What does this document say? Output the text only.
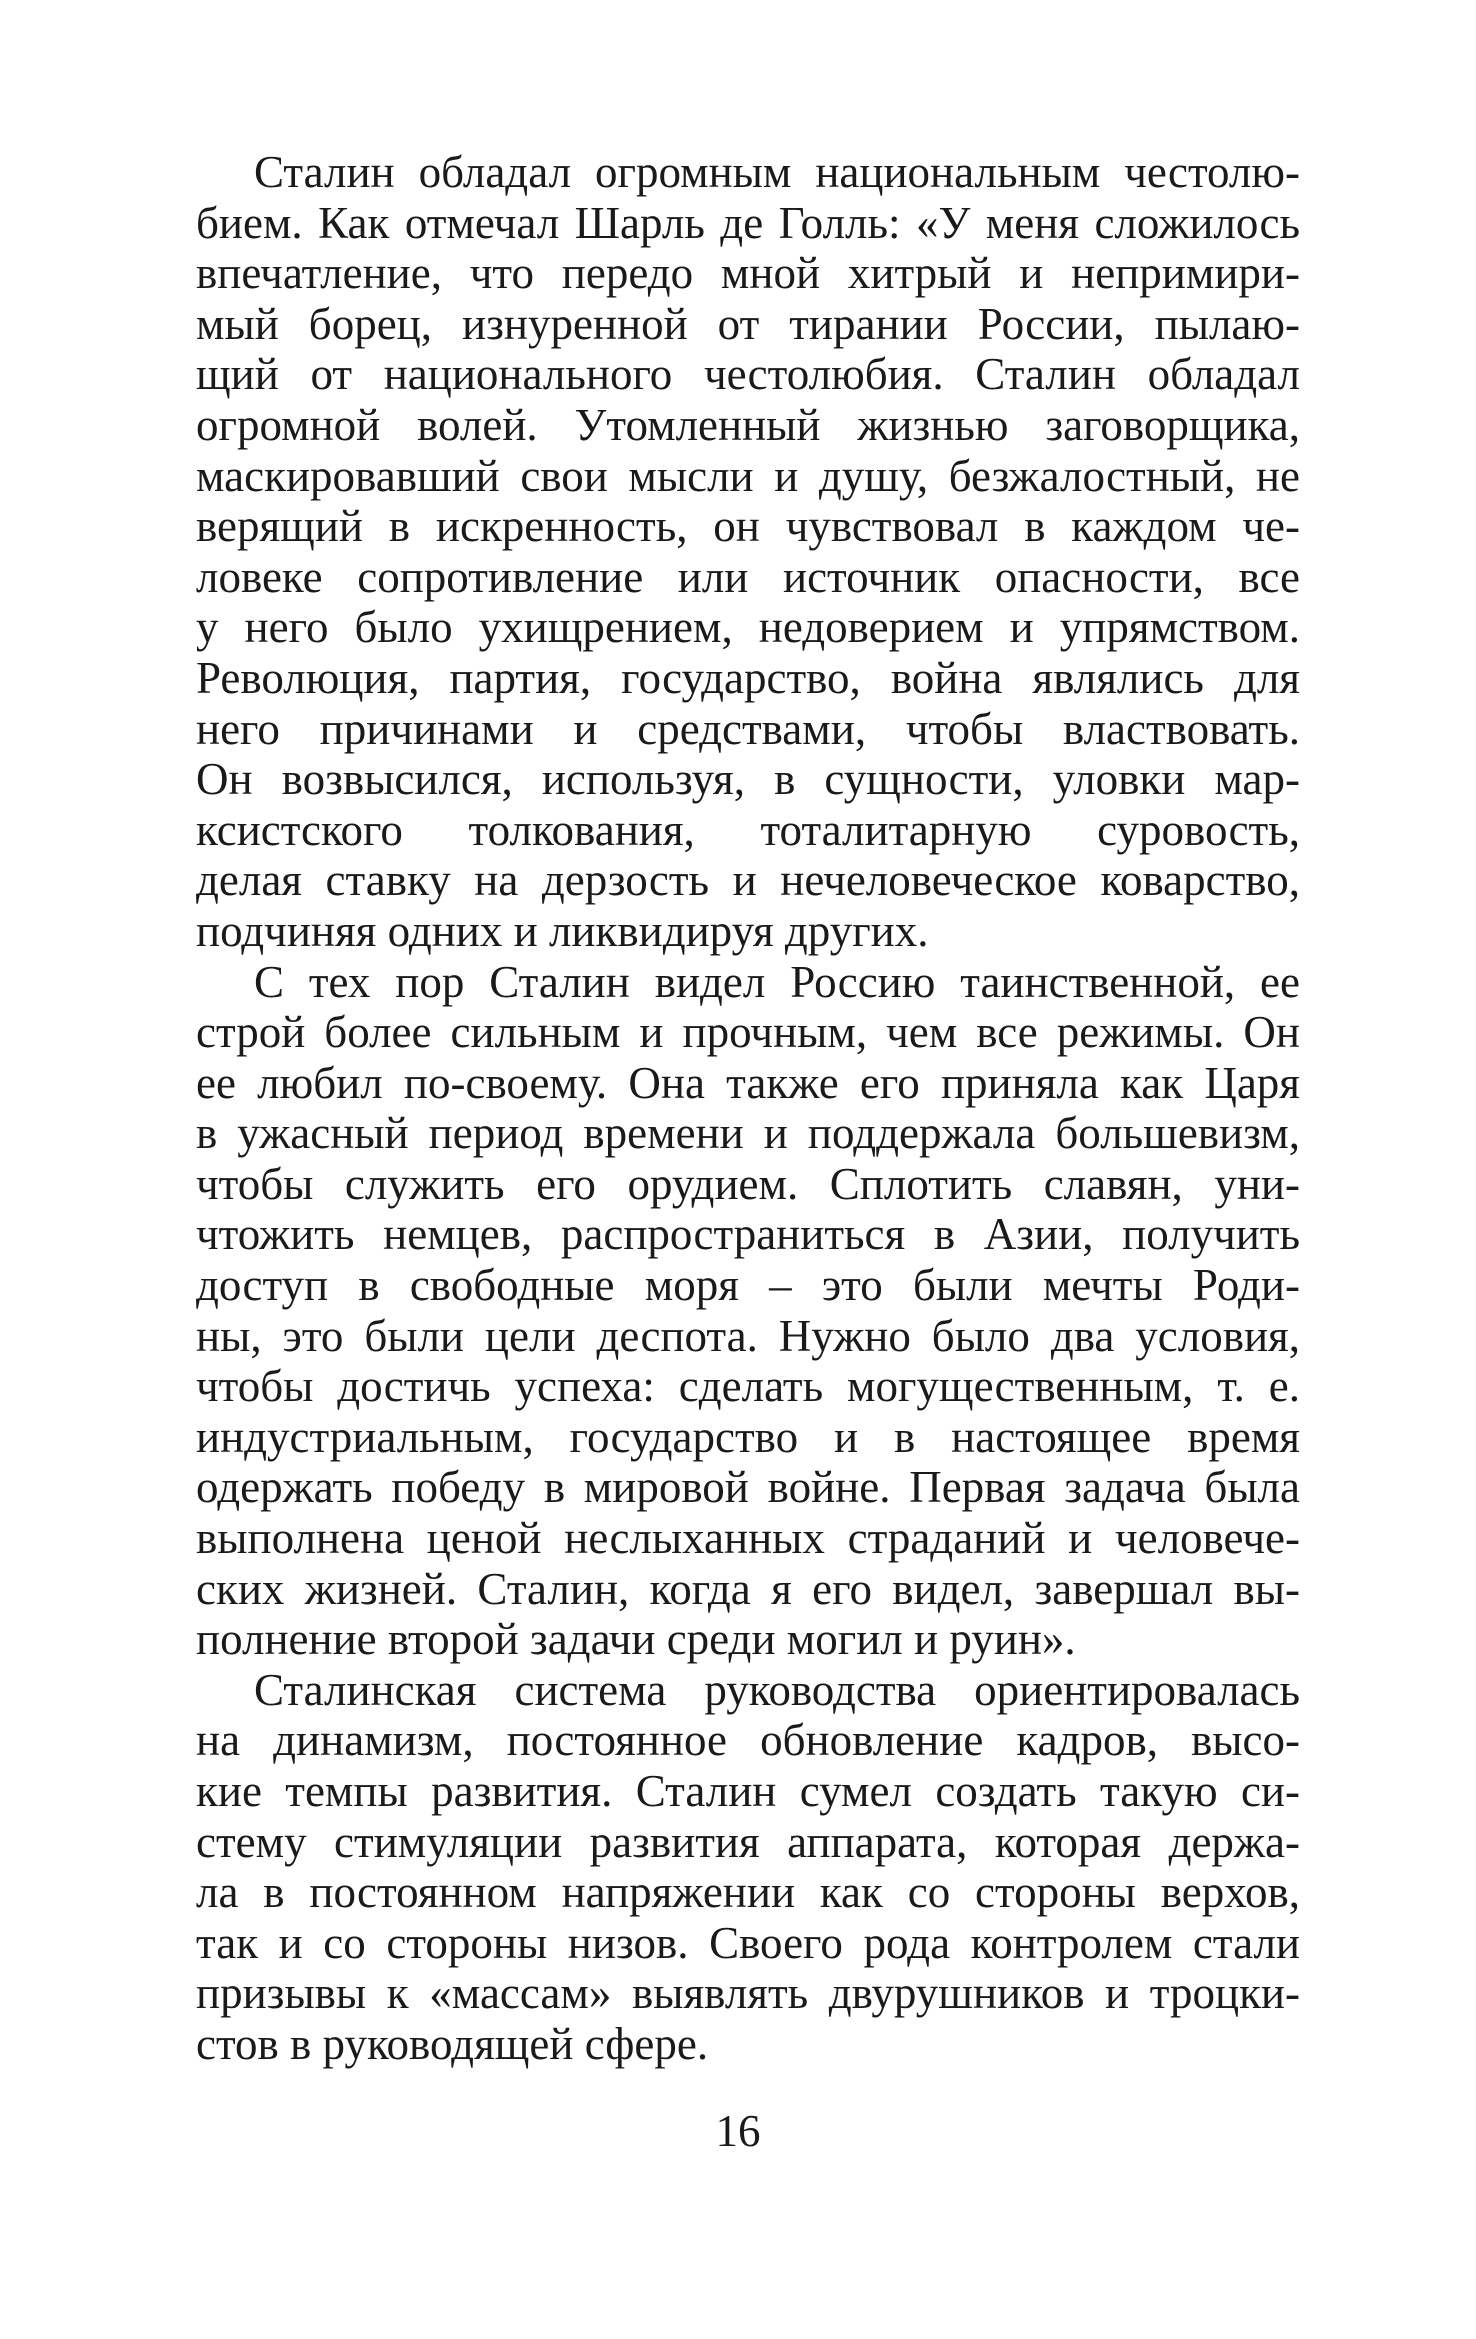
Сталин обладал огромным национальным честолю-
бием. Как отмечал Шарль де Голль: «У меня сложилось
впечатление, что передо мной хитрый и непримири-
мый борец, изнуренной от тирании России, пылаю-
щий от национального честолюбия. Сталин обладал
огромной волей. Утомленный жизнью заговорщика,
маскировавший свои мысли и душу, безжалостный, не
верящий в искренность, он чувствовал в каждом че-
ловеке сопротивление или источник опасности, все
у него было ухищрением, недоверием и упрямством.
Революция, партия, государство, война являлись для
него причинами и средствами, чтобы властвовать.
Он возвысился, используя, в сущности, уловки мар-
ксистского толкования, тоталитарную суровость,
делая ставку на дерзость и нечеловеческое коварство,
подчиняя одних и ликвидируя других.
С тех пор Сталин видел Россию таинственной, ее
строй более сильным и прочным, чем все режимы. Он
ее любил по-своему. Она также его приняла как Царя
в ужасный период времени и поддержала большевизм,
чтобы служить его орудием. Сплотить славян, уни-
чтожить немцев, распространиться в Азии, получить
доступ в свободные моря – это были мечты Роди-
ны, это были цели деспота. Нужно было два условия,
чтобы достичь успеха: сделать могущественным, т. е.
индустриальным, государство и в настоящее время
одержать победу в мировой войне. Первая задача была
выполнена ценой неслыханных страданий и человече-
ских жизней. Сталин, когда я его видел, завершал вы-
полнение второй задачи среди могил и руин».
Сталинская система руководства ориентировалась
на динамизм, постоянное обновление кадров, высо-
кие темпы развития. Сталин сумел создать такую си-
стему стимуляции развития аппарата, которая держа-
ла в постоянном напряжении как со стороны верхов,
так и со стороны низов. Своего рода контролем стали
призывы к «массам» выявлять двурушников и троцки-
стов в руководящей сфере.
16
